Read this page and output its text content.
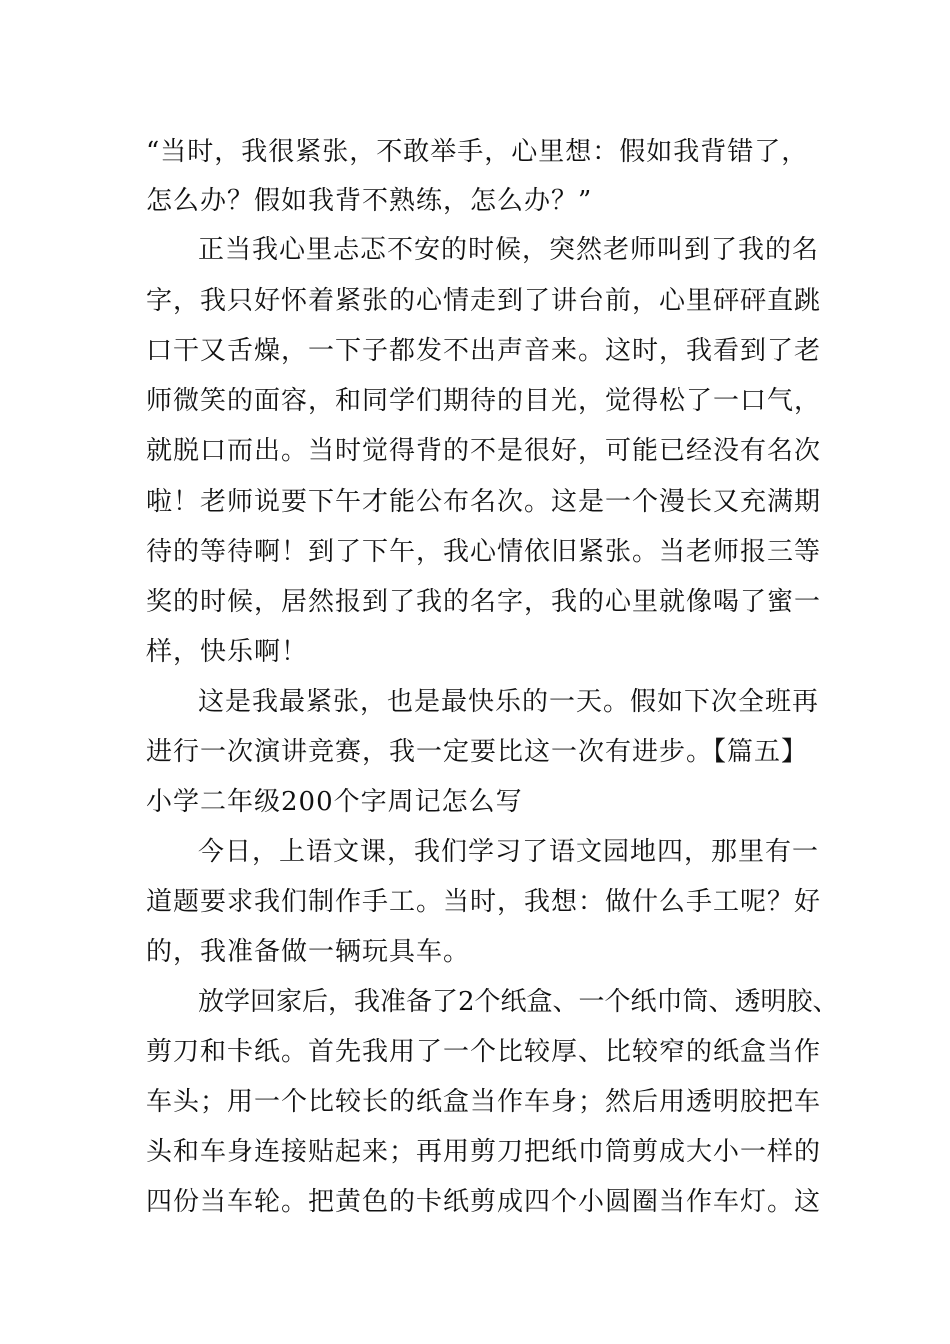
“当时，我很紧张，不敢举手，心里想：假如我背错了，

怎么办？假如我背不熟练，怎么办？”

正当我心里忐忑不安的时候，突然老师叫到了我的名

字，我只好怀着紧张的心情走到了讲台前，心里砰砰直跳

口干又舌燥，一下子都发不出声音来。这时，我看到了老

师微笑的面容，和同学们期待的目光，觉得松了一口气，

就脱口而出。当时觉得背的不是很好，可能已经没有名次

啦！老师说要下午才能公布名次。这是一个漫长又充满期

待的等待啊！到了下午，我心情依旧紧张。当老师报三等

奖的时候，居然报到了我的名字，我的心里就像喝了蜜一

样，快乐啊！

这是我最紧张，也是最快乐的一天。假如下次全班再

进行一次演讲竞赛，我一定要比这一次有进步。【篇五】

小学二年级200个字周记怎么写

今日，上语文课，我们学习了语文园地四，那里有一

道题要求我们制作手工。当时，我想：做什么手工呢？好

的，我准备做一辆玩具车。

放学回家后，我准备了2个纸盒、一个纸巾筒、透明胶、

剪刀和卡纸。首先我用了一个比较厚、比较窄的纸盒当作

车头；用一个比较长的纸盒当作车身；然后用透明胶把车

头和车身连接贴起来；再用剪刀把纸巾筒剪成大小一样的

四份当车轮。把黄色的卡纸剪成四个小圆圈当作车灯。这
